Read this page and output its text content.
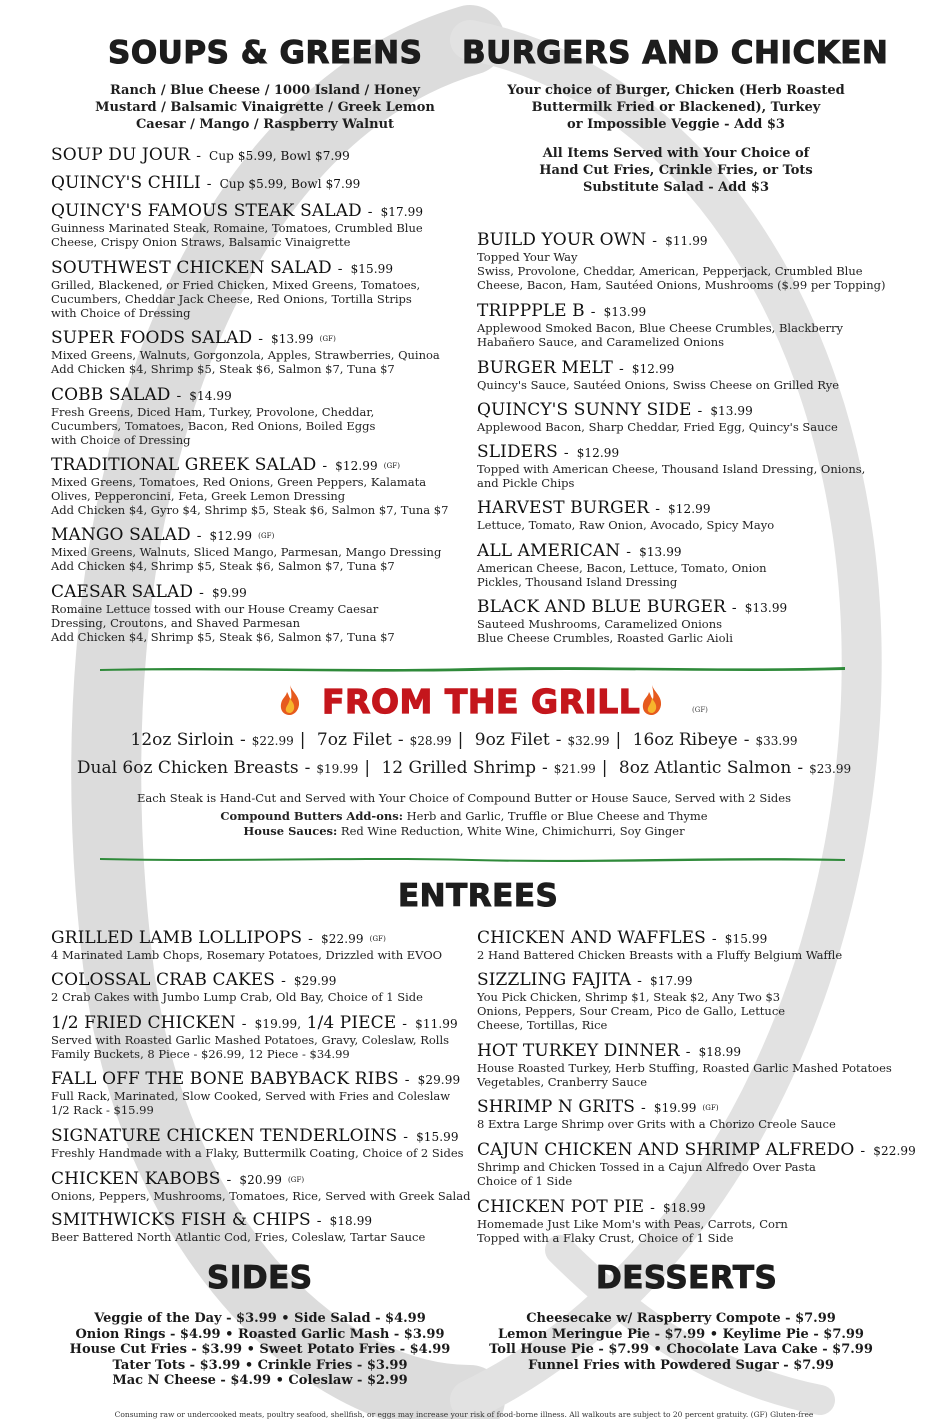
SOUPS & GREENS BURGERS AND CHICKEN
Ranch / Blue Cheese / 1000 Island / Honey
Mustard / Balsamic Vinaigrette / Greek Lemon
Caesar / Mango / Raspberry Walnut
Your choice of Burger, Chicken (Herb Roasted
Buttermilk Fried or Blackened), Turkey
or Impossible Veggie - Add $3
All Items Served with Your Choice of
Hand Cut Fries, Crinkle Fries, or Tots
Substitute Salad - Add $3
SOUP DU JOUR - Cup $5.99, Bowl $7.99
QUINCY'S CHILI - Cup $5.99, Bowl $7.99
QUINCY'S FAMOUS STEAK SALAD - $17.99
Guinness Marinated Steak, Romaine, Tomatoes, Crumbled Blue
Cheese, Crispy Onion Straws, Balsamic Vinaigrette
SOUTHWEST CHICKEN SALAD - $15.99
Grilled, Blackened, or Fried Chicken, Mixed Greens, Tomatoes,
Cucumbers, Cheddar Jack Cheese, Red Onions, Tortilla Strips
with Choice of Dressing
SUPER FOODS SALAD - $13.99 (GF)
Mixed Greens, Walnuts, Gorgonzola, Apples, Strawberries, Quinoa
Add Chicken $4, Shrimp $5, Steak $6, Salmon $7, Tuna $7
COBB SALAD - $14.99
Fresh Greens, Diced Ham, Turkey, Provolone, Cheddar,
Cucumbers, Tomatoes, Bacon, Red Onions, Boiled Eggs
with Choice of Dressing
TRADITIONAL GREEK SALAD - $12.99 (GF)
Mixed Greens, Tomatoes, Red Onions, Green Peppers, Kalamata
Olives, Pepperoncini, Feta, Greek Lemon Dressing
Add Chicken $4, Gyro $4, Shrimp $5, Steak $6, Salmon $7, Tuna $7
MANGO SALAD - $12.99 (GF)
Mixed Greens, Walnuts, Sliced Mango, Parmesan, Mango Dressing
Add Chicken $4, Shrimp $5, Steak $6, Salmon $7, Tuna $7
CAESAR SALAD - $9.99
Romaine Lettuce tossed with our House Creamy Caesar
Dressing, Croutons, and Shaved Parmesan
Add Chicken $4, Shrimp $5, Steak $6, Salmon $7, Tuna $7
BUILD YOUR OWN - $11.99
Topped Your Way
Swiss, Provolone, Cheddar, American, Pepperjack, Crumbled Blue
Cheese, Bacon, Ham, Sautéed Onions, Mushrooms ($.99 per Topping)
TRIPPPLE B - $13.99
Applewood Smoked Bacon, Blue Cheese Crumbles, Blackberry
Habañero Sauce, and Caramelized Onions
BURGER MELT - $12.99
Quincy's Sauce, Sautéed Onions, Swiss Cheese on Grilled Rye
QUINCY'S SUNNY SIDE - $13.99
Applewood Bacon, Sharp Cheddar, Fried Egg, Quincy's Sauce
SLIDERS - $12.99
Topped with American Cheese, Thousand Island Dressing, Onions,
and Pickle Chips
HARVEST BURGER - $12.99
Lettuce, Tomato, Raw Onion, Avocado, Spicy Mayo
ALL AMERICAN - $13.99
American Cheese, Bacon, Lettuce, Tomato, Onion
Pickles, Thousand Island Dressing
BLACK AND BLUE BURGER - $13.99
Sauteed Mushrooms, Caramelized Onions
Blue Cheese Crumbles, Roasted Garlic Aioli
FROM THE GRILL	(GF)
12oz Sirloin - $22.99 | 7oz Filet - $28.99 | 9oz Filet - $32.99 | 16oz Ribeye - $33.99
Dual 6oz Chicken Breasts - $19.99 | 12 Grilled Shrimp - $21.99 | 8oz Atlantic Salmon - $23.99
Each Steak is Hand-Cut and Served with Your Choice of Compound Butter or House Sauce, Served with 2 Sides
Compound Butters Add-ons: Herb and Garlic, Truffle or Blue Cheese and Thyme
House Sauces: Red Wine Reduction, White Wine, Chimichurri, Soy Ginger
ENTREES
GRILLED LAMB LOLLIPOPS - $22.99 (GF)
4 Marinated Lamb Chops, Rosemary Potatoes, Drizzled with EVOO
COLOSSAL CRAB CAKES - $29.99
2 Crab Cakes with Jumbo Lump Crab, Old Bay, Choice of 1 Side
1/2 FRIED CHICKEN - $19.99, 1/4 PIECE - $11.99
Served with Roasted Garlic Mashed Potatoes, Gravy, Coleslaw, Rolls
Family Buckets, 8 Piece - $26.99, 12 Piece - $34.99
FALL OFF THE BONE BABYBACK RIBS - $29.99
Full Rack, Marinated, Slow Cooked, Served with Fries and Coleslaw
1/2 Rack - $15.99
SIGNATURE CHICKEN TENDERLOINS - $15.99
Freshly Handmade with a Flaky, Buttermilk Coating, Choice of 2 Sides
CHICKEN KABOBS - $20.99 (GF)
Onions, Peppers, Mushrooms, Tomatoes, Rice, Served with Greek Salad
SMITHWICKS FISH & CHIPS - $18.99
Beer Battered North Atlantic Cod, Fries, Coleslaw, Tartar Sauce
CHICKEN AND WAFFLES - $15.99
2 Hand Battered Chicken Breasts with a Fluffy Belgium Waffle
SIZZLING FAJITA - $17.99
You Pick Chicken, Shrimp $1, Steak $2, Any Two $3
Onions, Peppers, Sour Cream, Pico de Gallo, Lettuce
Cheese, Tortillas, Rice
HOT TURKEY DINNER - $18.99
House Roasted Turkey, Herb Stuffing, Roasted Garlic Mashed Potatoes
Vegetables, Cranberry Sauce
SHRIMP N GRITS - $19.99 (GF)
8 Extra Large Shrimp over Grits with a Chorizo Creole Sauce
CAJUN CHICKEN AND SHRIMP ALFREDO - $22.99
Shrimp and Chicken Tossed in a Cajun Alfredo Over Pasta
Choice of 1 Side
CHICKEN POT PIE - $18.99
Homemade Just Like Mom's with Peas, Carrots, Corn
Topped with a Flaky Crust, Choice of 1 Side
SIDES	DESSERTS
Veggie of the Day - $3.99 • Side Salad - $4.99
Onion Rings - $4.99 • Roasted Garlic Mash - $3.99
House Cut Fries - $3.99 • Sweet Potato Fries - $4.99
Tater Tots - $3.99 • Crinkle Fries - $3.99
Mac N Cheese - $4.99 • Coleslaw - $2.99
Cheesecake w/ Raspberry Compote - $7.99
Lemon Meringue Pie - $7.99 • Keylime Pie - $7.99
Toll House Pie - $7.99 • Chocolate Lava Cake - $7.99
Funnel Fries with Powdered Sugar - $7.99
Consuming raw or undercooked meats, poultry seafood, shellfish, or eggs may increase your risk of food-borne illness. All walkouts are subject to 20 percent gratuity. (GF) Gluten-free
